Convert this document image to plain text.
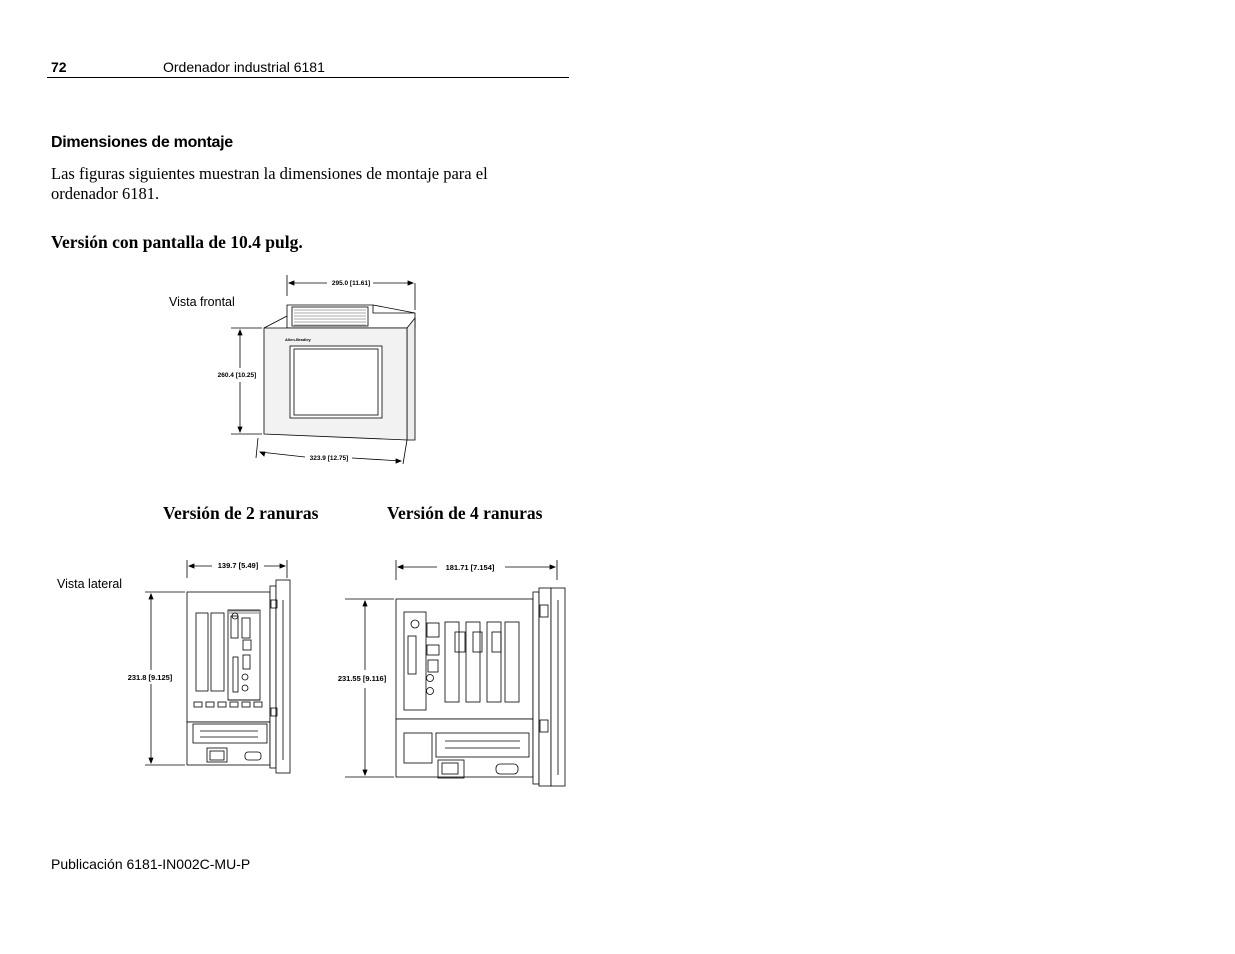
72	Ordenador industrial 6181
Dimensiones de montaje
Las figuras siguientes muestran la dimensiones de montaje para el ordenador 6181.
Versión con pantalla de 10.4 pulg.
Vista frontal
295.0 [11.61]
260.4 [10.25]
323.9 [12.75]
Allen-Bradley
Versión de 2 ranuras	Versión de 4 ranuras
Vista lateral
139.7 [5.49]
231.8 [9.125]
181.71 [7.154]
231.55 [9.116]
Publicación 6181-IN002C-MU-P
